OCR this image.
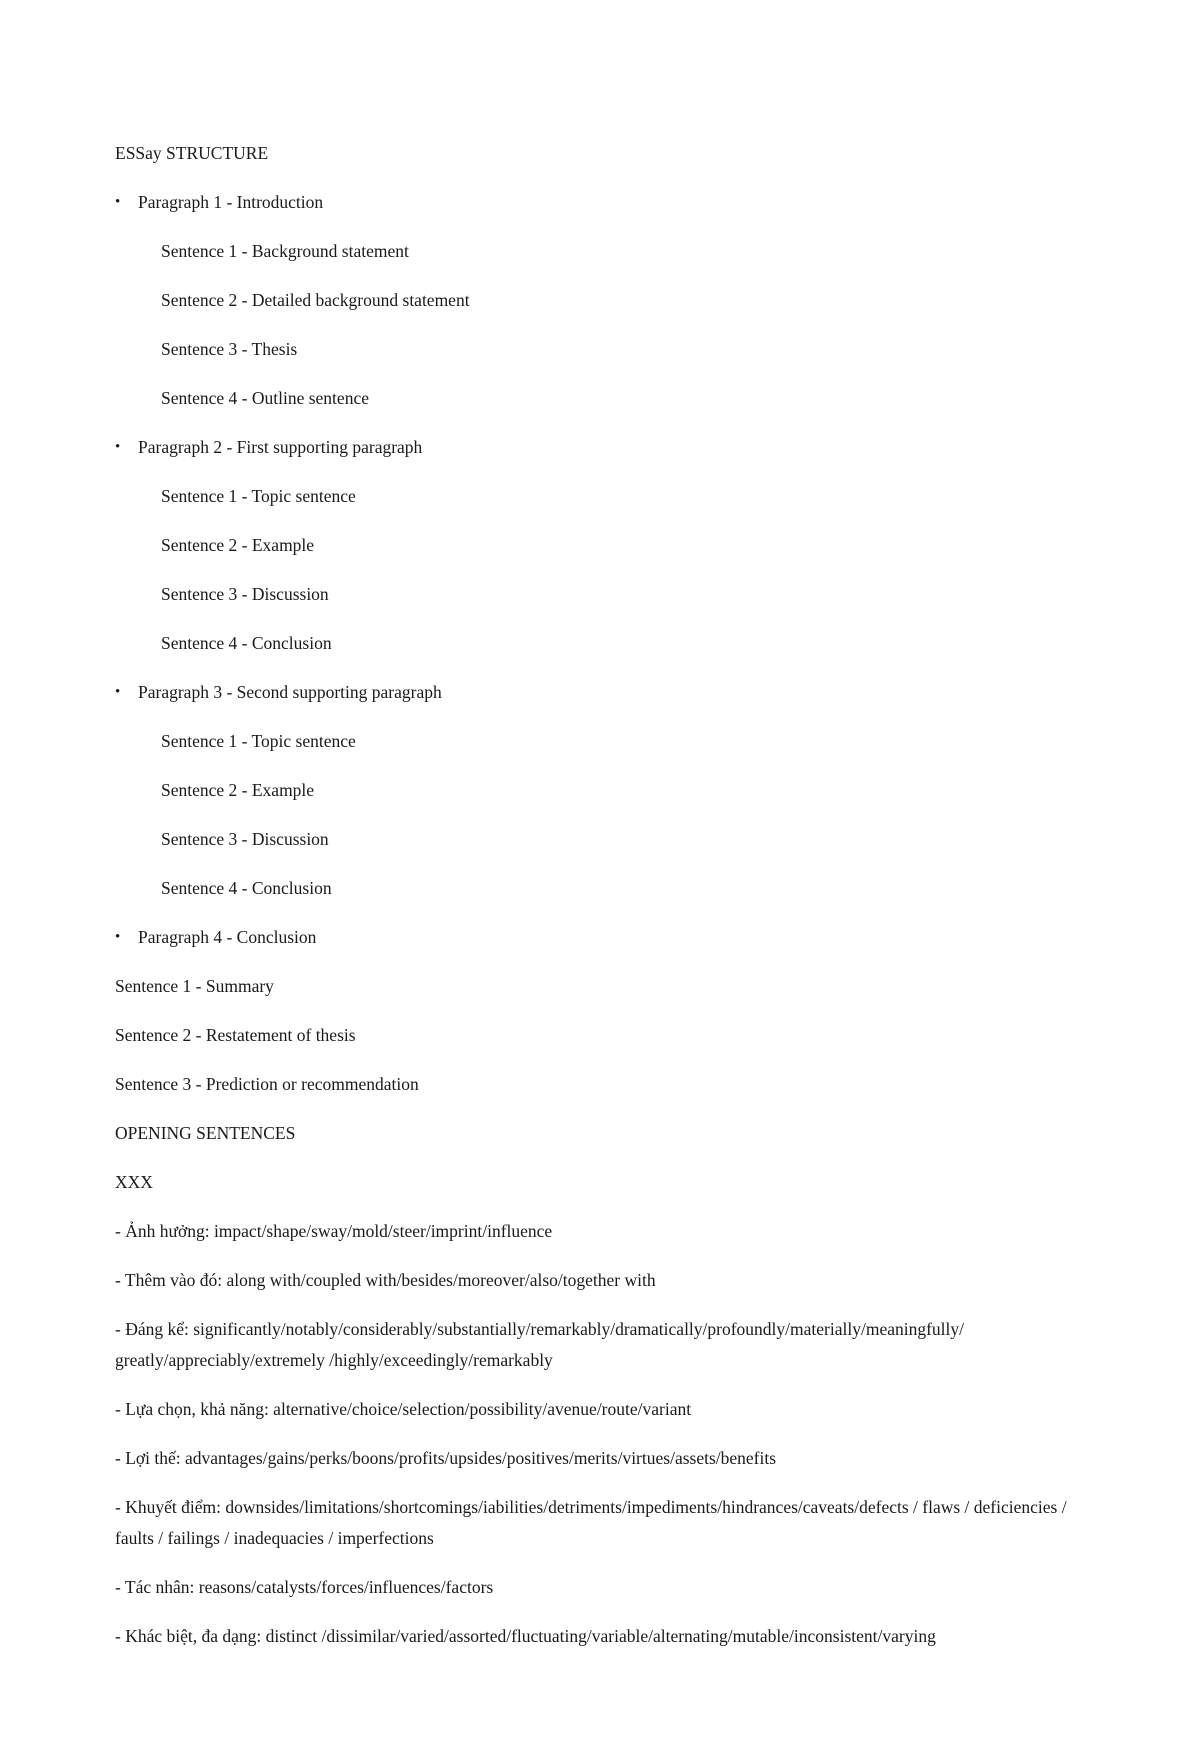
ESSay STRUCTURE

•	Paragraph 1 - Introduction

Sentence 1 - Background statement

Sentence 2 - Detailed background statement

Sentence 3 - Thesis

Sentence 4 - Outline sentence

•	Paragraph 2 - First supporting paragraph

Sentence 1 - Topic sentence

Sentence 2 - Example

Sentence 3 - Discussion

Sentence 4 - Conclusion

•	Paragraph 3 - Second supporting paragraph

Sentence 1 - Topic sentence

Sentence 2 - Example

Sentence 3 - Discussion

Sentence 4 - Conclusion

•	Paragraph 4 - Conclusion

Sentence 1 - Summary

Sentence 2 - Restatement of thesis

Sentence 3 - Prediction or recommendation

OPENING SENTENCES

XXX

- Ảnh hưởng: impact/shape/sway/mold/steer/imprint/influence

- Thêm vào đó: along with/coupled with/besides/moreover/also/together with

- Đáng kể: significantly/notably/considerably/substantially/remarkably/dramatically/profoundly/materially/meaningfully/ greatly/appreciably/extremely /highly/exceedingly/remarkably

- Lựa chọn, khả năng: alternative/choice/selection/possibility/avenue/route/variant

- Lợi thế: advantages/gains/perks/boons/profits/upsides/positives/merits/virtues/assets/benefits

- Khuyết điểm: downsides/limitations/shortcomings/iabilities/detriments/impediments/hindrances/caveats/defects / flaws / deficiencies / faults / failings / inadequacies / imperfections

- Tác nhân: reasons/catalysts/forces/influences/factors

- Khác biệt, đa dạng: distinct /dissimilar/varied/assorted/fluctuating/variable/alternating/mutable/inconsistent/varying
